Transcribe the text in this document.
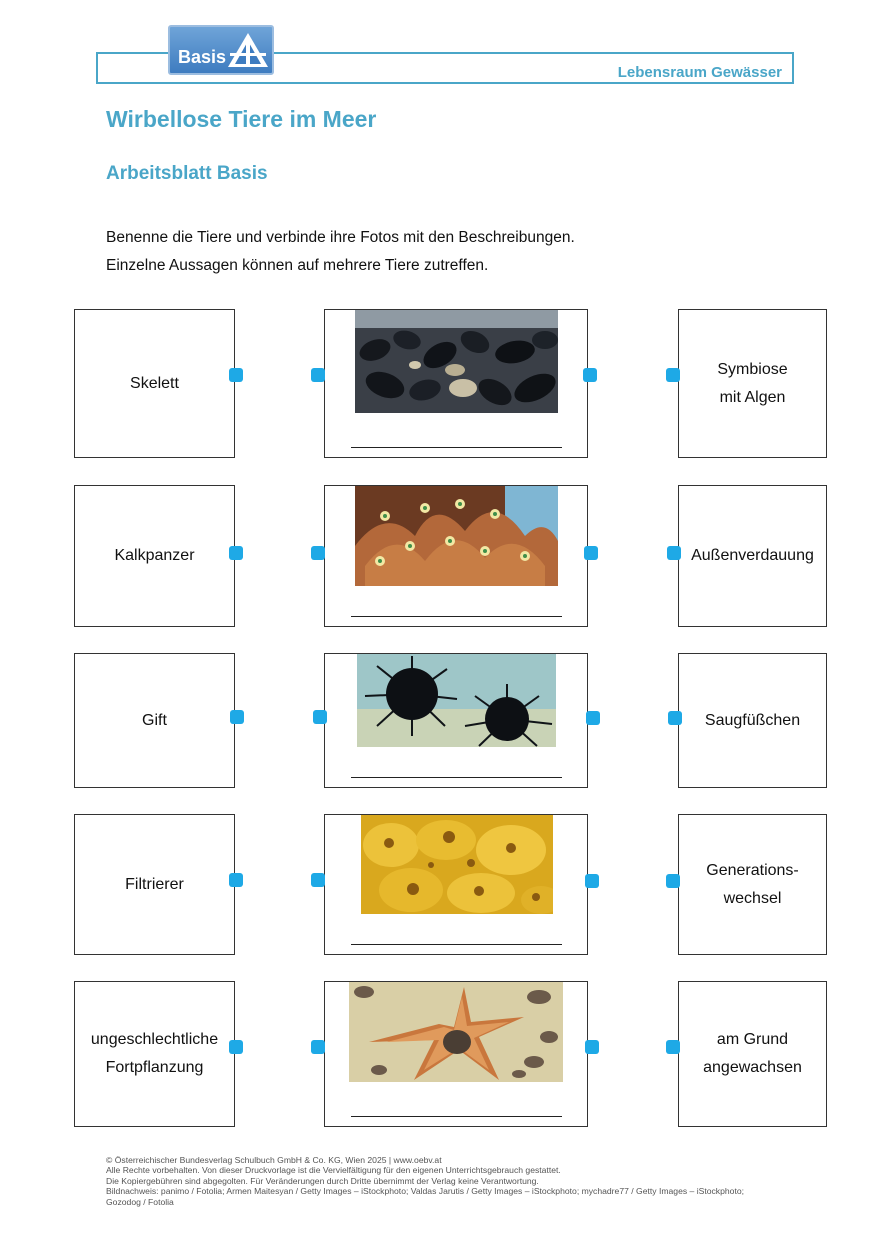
Lebensraum Gewässer
Basis
Wirbellose Tiere im Meer
Arbeitsblatt Basis

Benenne die Tiere und verbinde ihre Fotos mit den Beschreibungen.

Einzelne Aussagen können auf mehrere Tiere zutreffen.

Skelett
Symbiose
mit Algen
Kalkpanzer	Außenverdauung
Gift	Saugfüßchen
Filtrierer
Generations-
wechsel
ungeschlechtliche
Fortpflanzung
am Grund
angewachsen
© Österreichischer Bundesverlag Schulbuch GmbH & Co. KG, Wien 2025 | www.oebv.at
Alle Rechte vorbehalten. Von dieser Druckvorlage ist die Vervielfältigung für den eigenen Unterrichtsgebrauch gestattet.
Die Kopiergebühren sind abgegolten. Für Veränderungen durch Dritte übernimmt der Verlag keine Verantwortung.
Bildnachweis: panimo / Fotolia; Armen Maitesyan / Getty Images – iStockphoto; Valdas Jarutis / Getty Images – iStockphoto; mychadre77 / Getty Images – iStockphoto;
Gozodog / Fotolia
